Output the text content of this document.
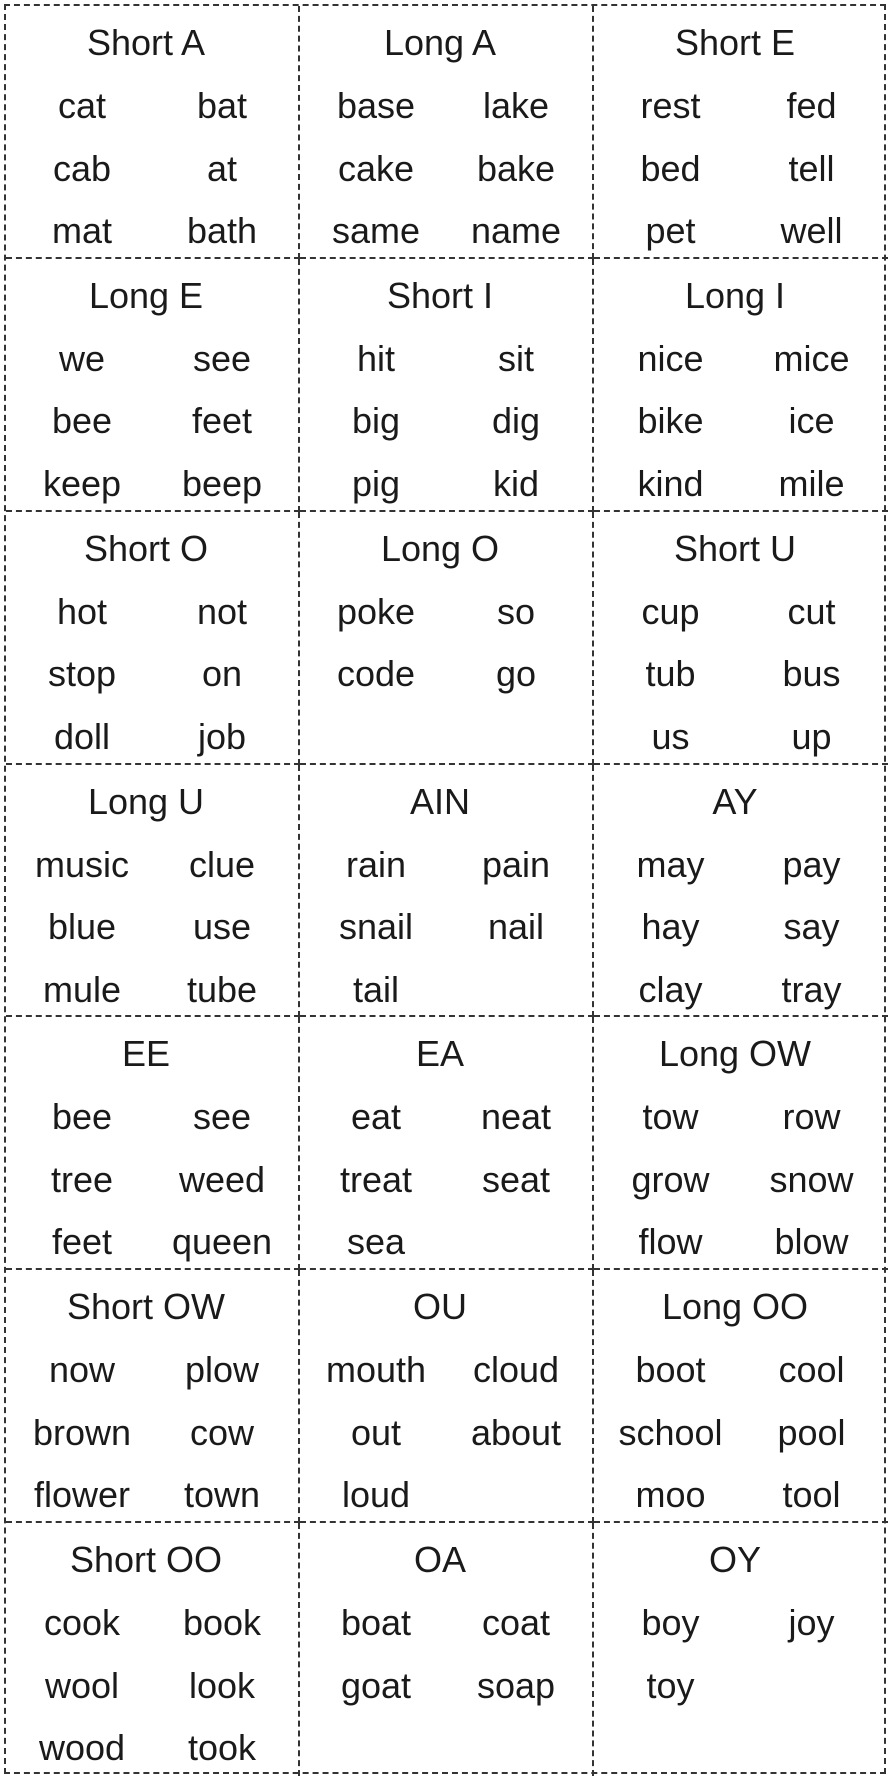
Short A
cat	bat
cab	at
mat	bath
Long A
base	lake
cake	bake
same	name
Short E
rest	fed
bed	tell
pet	well
Long E
we	see
bee	feet
keep	beep
Short I
hit	sit
big	dig
pig	kid
Long I
nice	mice
bike	ice
kind	mile
Short O
hot	not
stop	on
doll	job
Long O
poke	so
code	go
Short U
cup	cut
tub	bus
us	up
Long U
music	clue
blue	use
mule	tube
AIN
rain	pain
snail	nail
tail
AY
may	pay
hay	say
clay	tray
EE
bee	see
tree	weed
feet	queen
EA
eat	neat
treat	seat
sea
Long OW
tow	row
grow	snow
flow	blow
Short OW
now	plow
brown	cow
flower	town
OU
mouth	cloud
out	about
loud
Long OO
boot	cool
school	pool
moo	tool
Short OO
cook	book
wool	look
wood	took
OA
boat	coat
goat	soap
OY
boy	joy
toy
